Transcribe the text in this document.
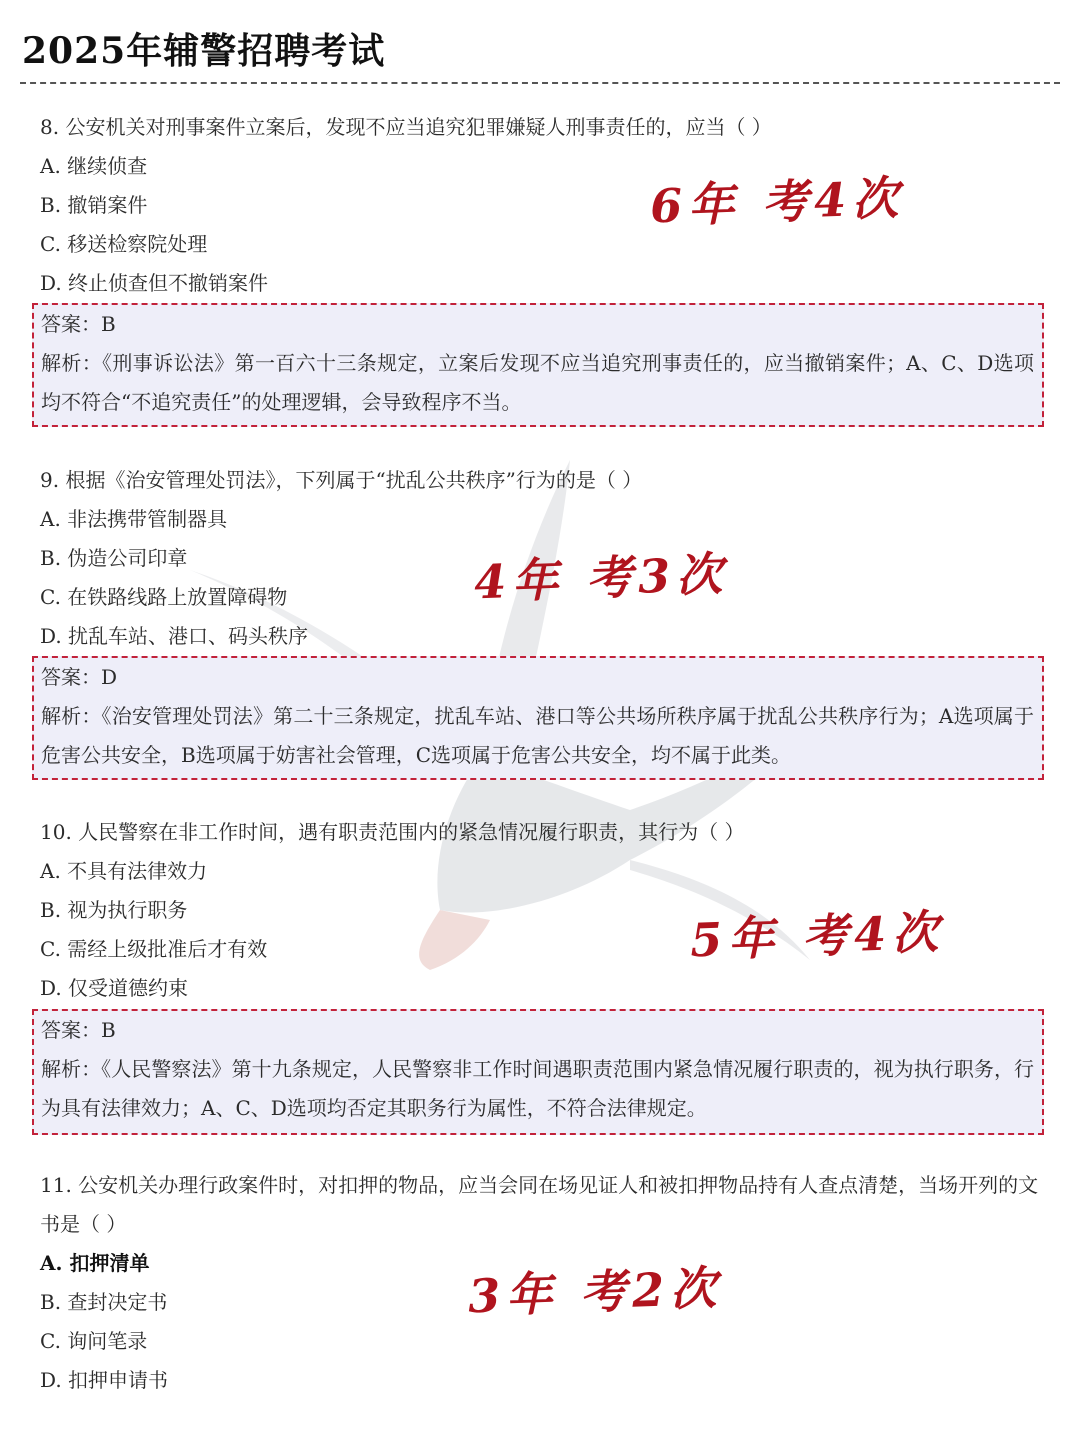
2025年辅警招聘考试
8. 公安机关对刑事案件立案后，发现不应当追究犯罪嫌疑人刑事责任的，应当（ ）
A. 继续侦查
B. 撤销案件
C. 移送检察院处理
D. 终止侦查但不撤销案件
答案：B
解析：《刑事诉讼法》第一百六十三条规定，立案后发现不应当追究刑事责任的，应当撤销案件；A、C、D选项均不符合“不追究责任”的处理逻辑，会导致程序不当。
6年 考4次
9. 根据《治安管理处罚法》，下列属于“扰乱公共秩序”行为的是（ ）
A. 非法携带管制器具
B. 伪造公司印章
C. 在铁路线路上放置障碍物
D. 扰乱车站、港口、码头秩序
答案：D
解析：《治安管理处罚法》第二十三条规定，扰乱车站、港口等公共场所秩序属于扰乱公共秩序行为；A选项属于危害公共安全，B选项属于妨害社会管理，C选项属于危害公共安全，均不属于此类。
4年 考3次
10. 人民警察在非工作时间，遇有职责范围内的紧急情况履行职责，其行为（ ）
A. 不具有法律效力
B. 视为执行职务
C. 需经上级批准后才有效
D. 仅受道德约束
答案：B
解析：《人民警察法》第十九条规定，人民警察非工作时间遇职责范围内紧急情况履行职责的，视为执行职务，行为具有法律效力；A、C、D选项均否定其职务行为属性，不符合法律规定。
5年 考4次
11. 公安机关办理行政案件时，对扣押的物品，应当会同在场见证人和被扣押物品持有人查点清楚，当场开列的文书是（ ）
A. 扣押清单
B. 查封决定书
C. 询问笔录
D. 扣押申请书
3年 考2次
